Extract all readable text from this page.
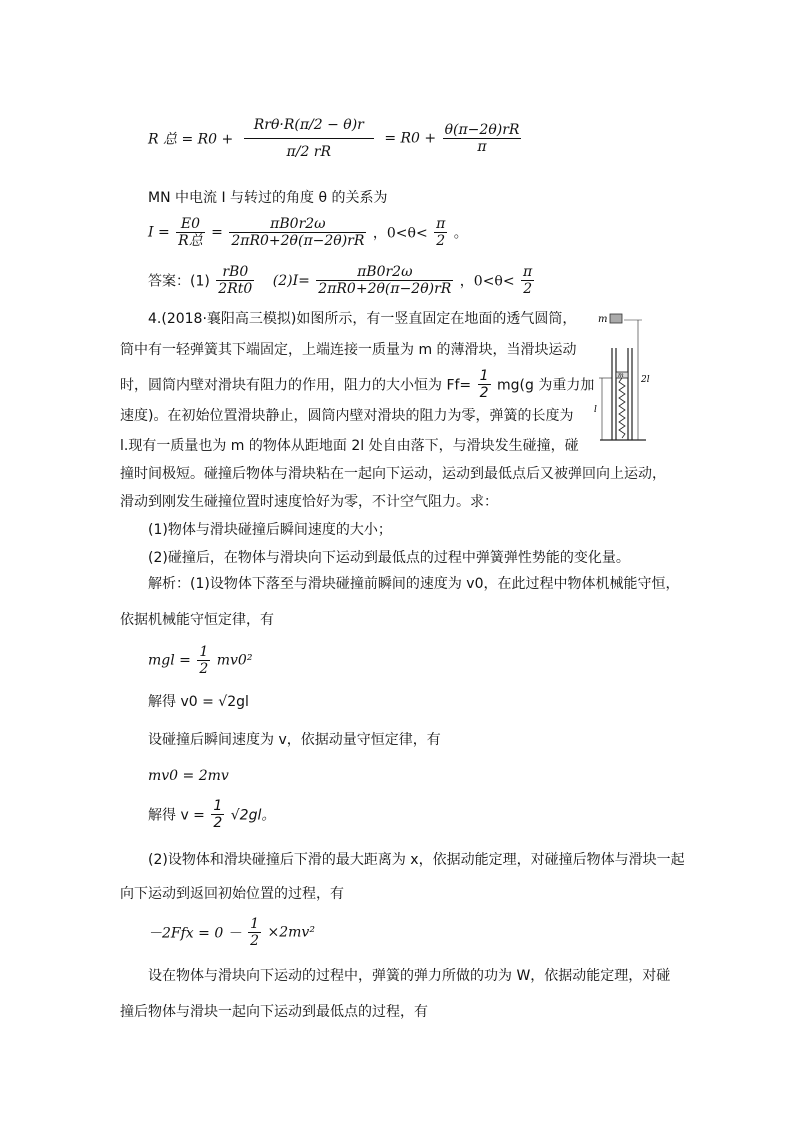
R 总 = $R0 + \frac{\text{Rrθ·R(π/2 − θ)r}}{\pi/2 rR} = R0 + \frac{\theta(\pi-2\theta)rR}{\pi}$
MN 中电流 I 与转过的角度 θ 的关系为
$I = \frac{E0}{\text{R总}} = \frac{\pi B0r2\omega}{2\pi R0+2\theta(\pi-2\theta)rR}$ ，$0<\theta< \frac{\pi}{2}$ 。
答案：$(1) \frac{rB0}{2Rt0} (2)I= \frac{\pi B0r2\omega}{2\pi R0+2\theta(\pi-2\theta)rR}$ ，$0<\theta< \frac{\pi}{2}$
4.(2018·襄阳高三模拟)如图所示，有一竖直固定在地面的透气圆筒，
筒中有一轻弹簧其下端固定，上端连接一质量为 m 的薄滑块，当滑块运动
时，圆筒内壁对滑块有阻力的作用，阻力的大小恒为 $Ff= \frac{1}{2} mg(g$ 为重力加
速度)。在初始位置滑块静止，圆筒内壁对滑块的阻力为零，弹簧的长度为
l.现有一质量也为 m 的物体从距地面 2l 处自由落下，与滑块发生碰撞，碰
撞时间极短。碰撞后物体与滑块粘在一起向下运动，运动到最低点后又被弹回向上运动，
滑动到刚发生碰撞位置时速度恰好为零，不计空气阻力。求：
(1)物体与滑块碰撞后瞬间速度的大小；
(2)碰撞后，在物体与滑块向下运动到最低点的过程中弹簧弹性势能的变化量。
m
m
l
2l
解析：(1)设物体下落至与滑块碰撞前瞬间的速度为 v0，在此过程中物体机械能守恒，
依据机械能守恒定律，有
mgl = $\frac{1}{2} mv0^2$
解得 v0 = √2gl
设碰撞后瞬间速度为 v，依据动量守恒定律，有
mv0 = 2mv
解得 $v = \frac{1}{2} √2gl$。
(2)设物体和滑块碰撞后下滑的最大距离为 x，依据动能定理，对碰撞后物体与滑块一起
向下运动到返回初始位置的过程，有
$-2Ffx = 0 - \frac{1}{2} \times 2mv^2$
设在物体与滑块向下运动的过程中，弹簧的弹力所做的功为 W，依据动能定理，对碰
撞后物体与滑块一起向下运动到最低点的过程，有
